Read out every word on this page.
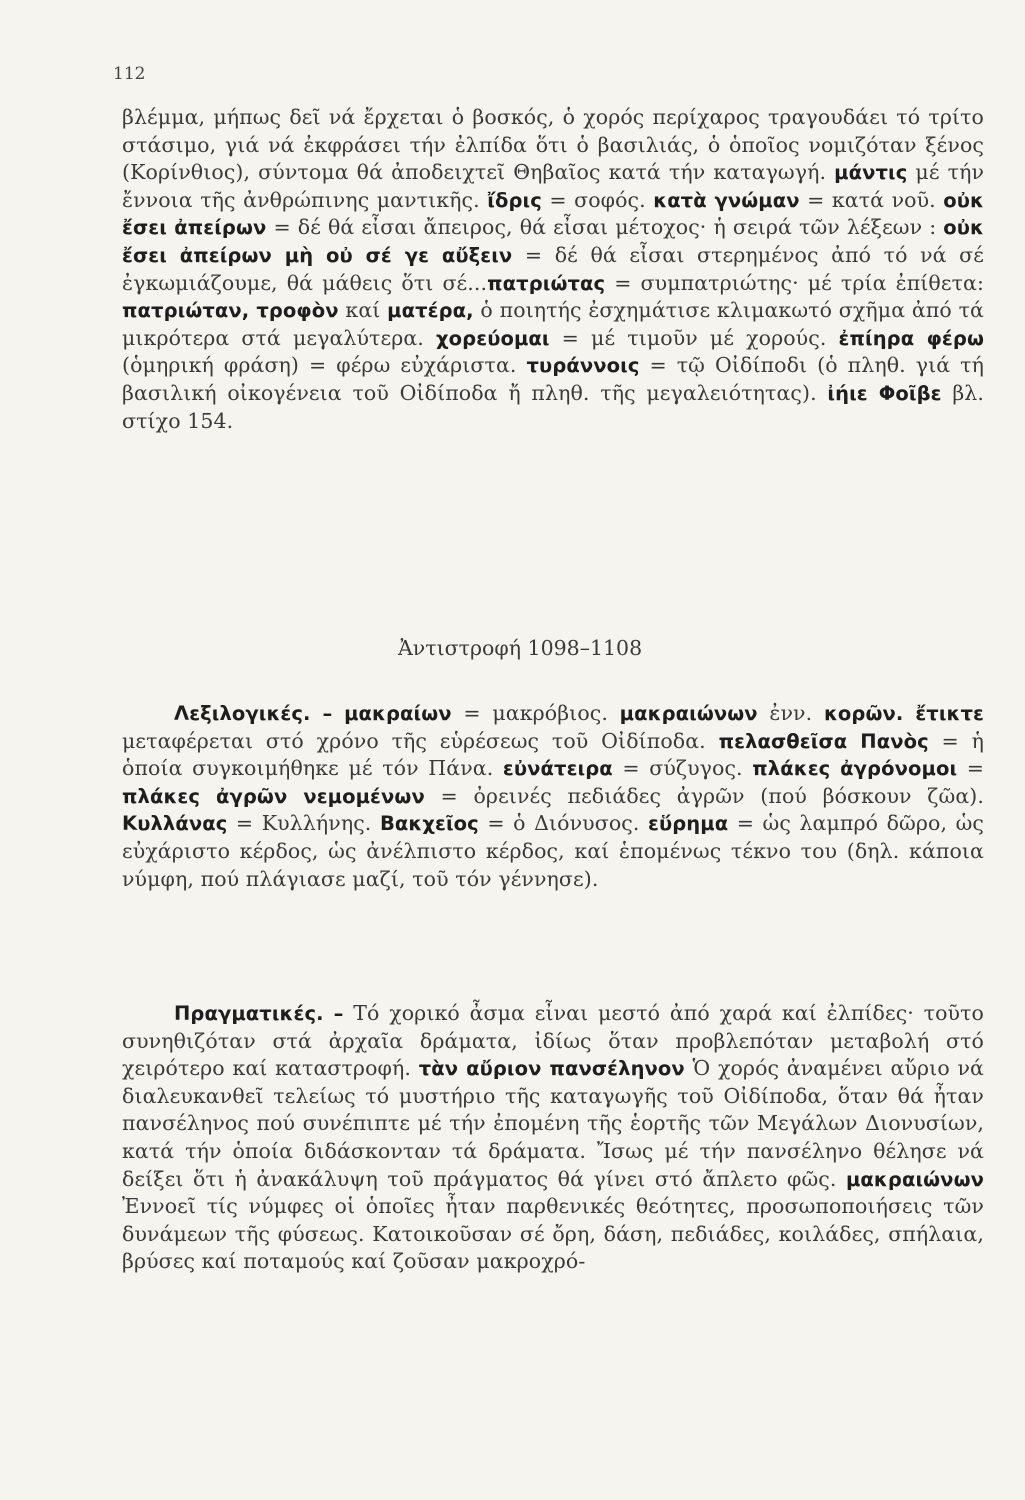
112
βλέμμα, μήπως δεῖ νά ἔρχεται ὁ βοσκός, ὁ χορός περίχαρος τραγουδάει τό τρίτο στάσιμο, γιά νά ἐκφράσει τήν ἐλπίδα ὅτι ὁ βασιλιάς, ὁ ὁποῖος νομιζόταν ξένος (Κορίνθιος), σύντομα θά ἀποδειχτεῖ Θηβαῖος κατά τήν καταγωγή. μάντις μέ τήν ἔννοια τῆς ἀνθρώπινης μαντικῆς. ἴδρις = σοφός. κατὰ γνώμαν = κατά νοῦ. οὐκ ἔσει ἀπείρων = δέ θά εἶσαι ἄπειρος, θά εἶσαι μέτοχος· ἡ σειρά τῶν λέξεων : οὐκ ἔσει ἀπείρων μὴ οὐ σέ γε αὔξειν = δέ θά εἶσαι στερημένος ἀπό τό νά σέ ἐγκωμιάζουμε, θά μάθεις ὅτι σέ...πατριώτας = συμπατριώτης· μέ τρία ἐπίθετα: πατριώταν, τροφὸν καί ματέρα, ὁ ποιητής ἐσχημάτισε κλιμακωτό σχῆμα ἀπό τά μικρότερα στά μεγαλύτερα. χορεύομαι = μέ τιμοῦν μέ χορούς. ἐπίηρα φέρω (ὁμηρική φράση) = φέρω εὐχάριστα. τυράννοις = τῷ Οἰδίποδι (ὁ πληθ. γιά τή βασιλική οἰκογένεια τοῦ Οἰδίποδα ἤ πληθ. τῆς μεγαλειότητας). ἰήιε Φοῖβε βλ. στίχο 154.
Ἀντιστροφή 1098–1108
Λεξιλογικές. – μακραίων = μακρόβιος. μακραιώνων ἐνν. κορῶν. ἔτικτε μεταφέρεται στό χρόνο τῆς εὑρέσεως τοῦ Οἰδίποδα. πελασθεῖσα Πανὸς = ἡ ὁποία συγκοιμήθηκε μέ τόν Πάνα. εὐνάτειρα = σύζυγος. πλάκες ἀγρόνομοι = πλάκες ἀγρῶν νεμομένων = ὀρεινές πεδιάδες ἀγρῶν (πού βόσκουν ζῶα). Κυλλάνας = Κυλλήνης. Βακχεῖος = ὁ Διόνυσος. εὕρημα = ὡς λαμπρό δῶρο, ὡς εὐχάριστο κέρδος, ὡς ἀνέλπιστο κέρδος, καί ἑπομένως τέκνο του (δηλ. κάποια νύμφη, πού πλάγιασε μαζί, τοῦ τόν γέννησε).
Πραγματικές. – Τό χορικό ἆσμα εἶναι μεστό ἀπό χαρά καί ἐλπίδες· τοῦτο συνηθιζόταν στά ἀρχαῖα δράματα, ἰδίως ὅταν προβλεπόταν μεταβολή στό χειρότερο καί καταστροφή. τὰν αὔριον πανσέληνον Ὁ χορός ἀναμένει αὔριο νά διαλευκανθεῖ τελείως τό μυστήριο τῆς καταγωγῆς τοῦ Οἰδίποδα, ὅταν θά ἦταν πανσέληνος πού συνέπιπτε μέ τήν ἐπομένη τῆς ἑορτῆς τῶν Μεγάλων Διονυσίων, κατά τήν ὁποία διδάσκονταν τά δράματα. Ἴσως μέ τήν πανσέληνο θέλησε νά δείξει ὅτι ἡ ἀνακάλυψη τοῦ πράγματος θά γίνει στό ἄπλετο φῶς. μακραιώνων Ἐννοεῖ τίς νύμφες οἱ ὁποῖες ἦταν παρθενικές θεότητες, προσωποποιήσεις τῶν δυνάμεων τῆς φύσεως. Κατοικοῦσαν σέ ὄρη, δάση, πεδιάδες, κοιλάδες, σπήλαια, βρύσες καί ποταμούς καί ζοῦσαν μακροχρό-
